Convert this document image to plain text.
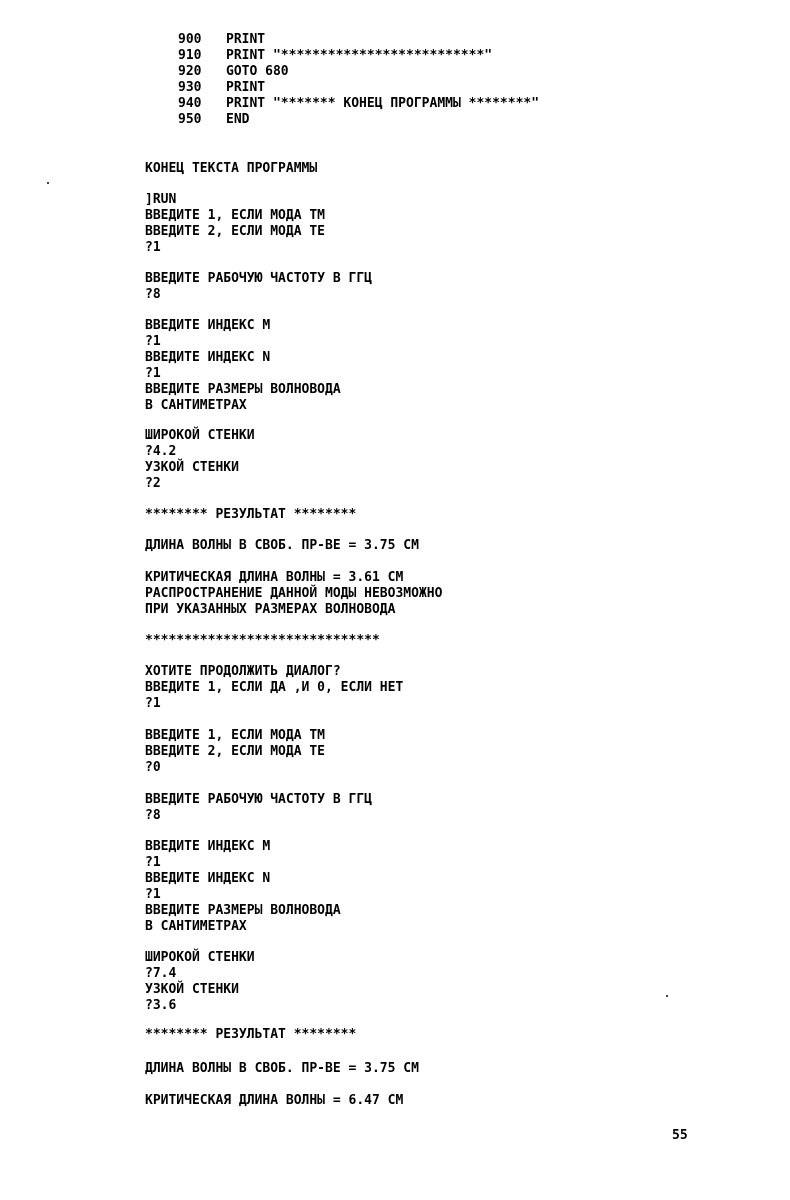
900 PRINT
910 PRINT "**************************"
920 GOTO 680
930 PRINT
940 PRINT "******* КОНЕЦ ПРОГРАММЫ ********"
950 END
КОНЕЦ ТЕКСТА ПРОГРАММЫ
]RUN
ВВЕДИТЕ 1, ЕСЛИ МОДА ТМ
ВВЕДИТЕ 2, ЕСЛИ МОДА ТЕ
?1
ВВЕДИТЕ РАБОЧУЮ ЧАСТОТУ В ГГЦ
?8
ВВЕДИТЕ ИНДЕКС М
?1
ВВЕДИТЕ ИНДЕКС N
?1
ВВЕДИТЕ РАЗМЕРЫ ВОЛНОВОДА
В САНТИМЕТРАХ
ШИРОКОЙ СТЕНКИ
?4.2
УЗКОЙ СТЕНКИ
?2
******** РЕЗУЛЬТАТ ********
ДЛИНА ВОЛНЫ В СВОБ. ПР-ВЕ = 3.75 СМ
КРИТИЧЕСКАЯ ДЛИНА ВОЛНЫ = 3.61 СМ
РАСПРОСТРАНЕНИЕ ДАННОЙ МОДЫ НЕВОЗМОЖНО
ПРИ УКАЗАННЫХ РАЗМЕРАХ ВОЛНОВОДА
******************************
ХОТИТЕ ПРОДОЛЖИТЬ ДИАЛОГ?
ВВЕДИТЕ 1, ЕСЛИ ДА ,И 0, ЕСЛИ НЕТ
?1
ВВЕДИТЕ 1, ЕСЛИ МОДА ТМ
ВВЕДИТЕ 2, ЕСЛИ МОДА ТЕ
?0
ВВЕДИТЕ РАБОЧУЮ ЧАСТОТУ В ГГЦ
?8
ВВЕДИТЕ ИНДЕКС М
?1
ВВЕДИТЕ ИНДЕКС N
?1
ВВЕДИТЕ РАЗМЕРЫ ВОЛНОВОДА
В САНТИМЕТРАХ
ШИРОКОЙ СТЕНКИ
?7.4
УЗКОЙ СТЕНКИ
?3.6
******** РЕЗУЛЬТАТ ********
ДЛИНА ВОЛНЫ В СВОБ. ПР-ВЕ = 3.75 СМ
КРИТИЧЕСКАЯ ДЛИНА ВОЛНЫ = 6.47 СМ
55
